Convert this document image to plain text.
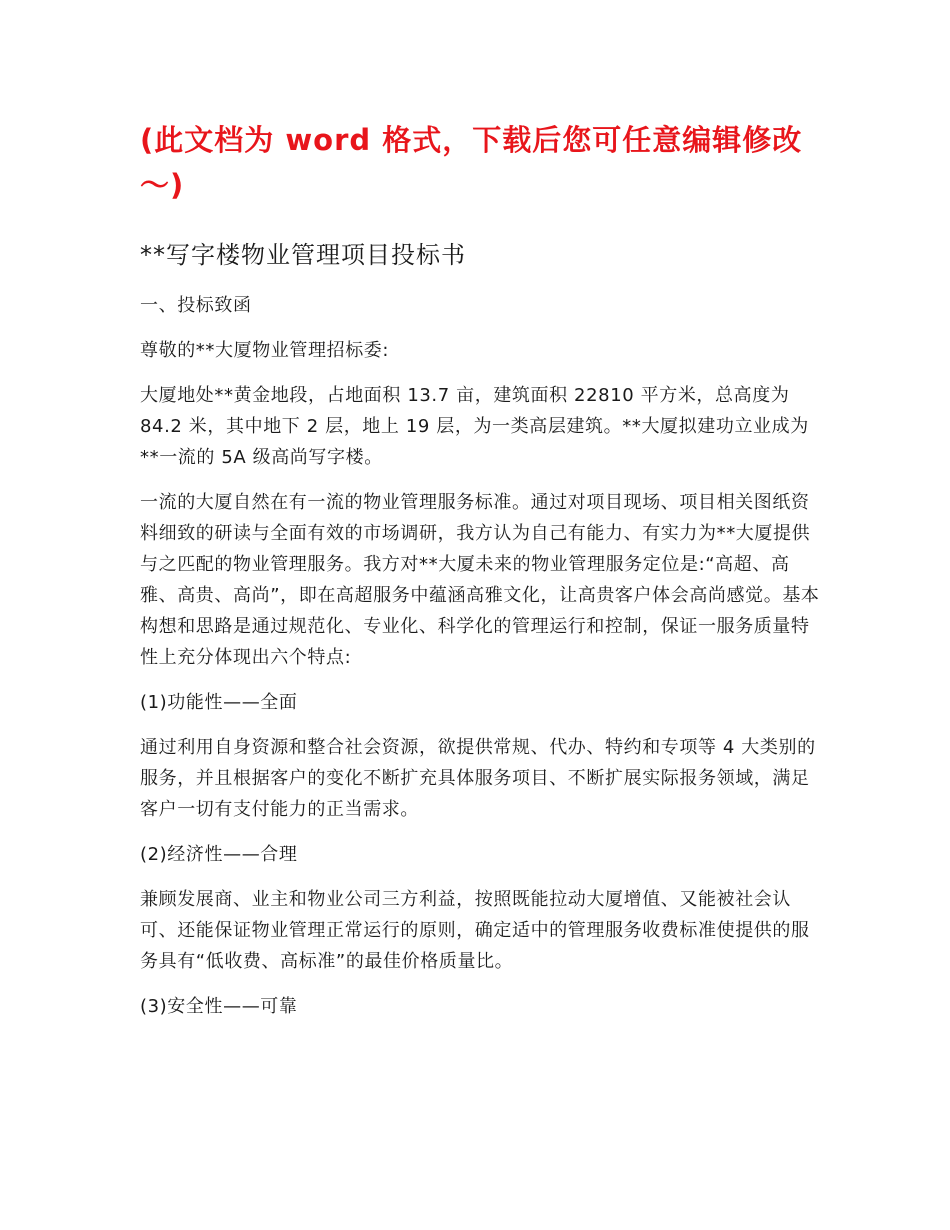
(此文档为 word 格式，下载后您可任意编辑修改～)
**写字楼物业管理项目投标书
一、投标致函
尊敬的**大厦物业管理招标委:
大厦地处**黄金地段，占地面积 13.7 亩，建筑面积 22810 平方米，总高度为 84.2 米，其中地下 2 层，地上 19 层，为一类高层建筑。**大厦拟建功立业成为**一流的 5A 级高尚写字楼。
一流的大厦自然在有一流的物业管理服务标准。通过对项目现场、项目相关图纸资料细致的研读与全面有效的市场调研，我方认为自己有能力、有实力为**大厦提供与之匹配的物业管理服务。我方对**大厦未来的物业管理服务定位是:“高超、高雅、高贵、高尚”，即在高超服务中蕴涵高雅文化，让高贵客户体会高尚感觉。基本构想和思路是通过规范化、专业化、科学化的管理运行和控制，保证一服务质量特性上充分体现出六个特点:
(1)功能性——全面
通过利用自身资源和整合社会资源，欲提供常规、代办、特约和专项等 4 大类别的服务，并且根据客户的变化不断扩充具体服务项目、不断扩展实际报务领域，满足客户一切有支付能力的正当需求。
(2)经济性——合理
兼顾发展商、业主和物业公司三方利益，按照既能拉动大厦增值、又能被社会认可、还能保证物业管理正常运行的原则，确定适中的管理服务收费标准使提供的服务具有“低收费、高标准”的最佳价格质量比。
(3)安全性——可靠
